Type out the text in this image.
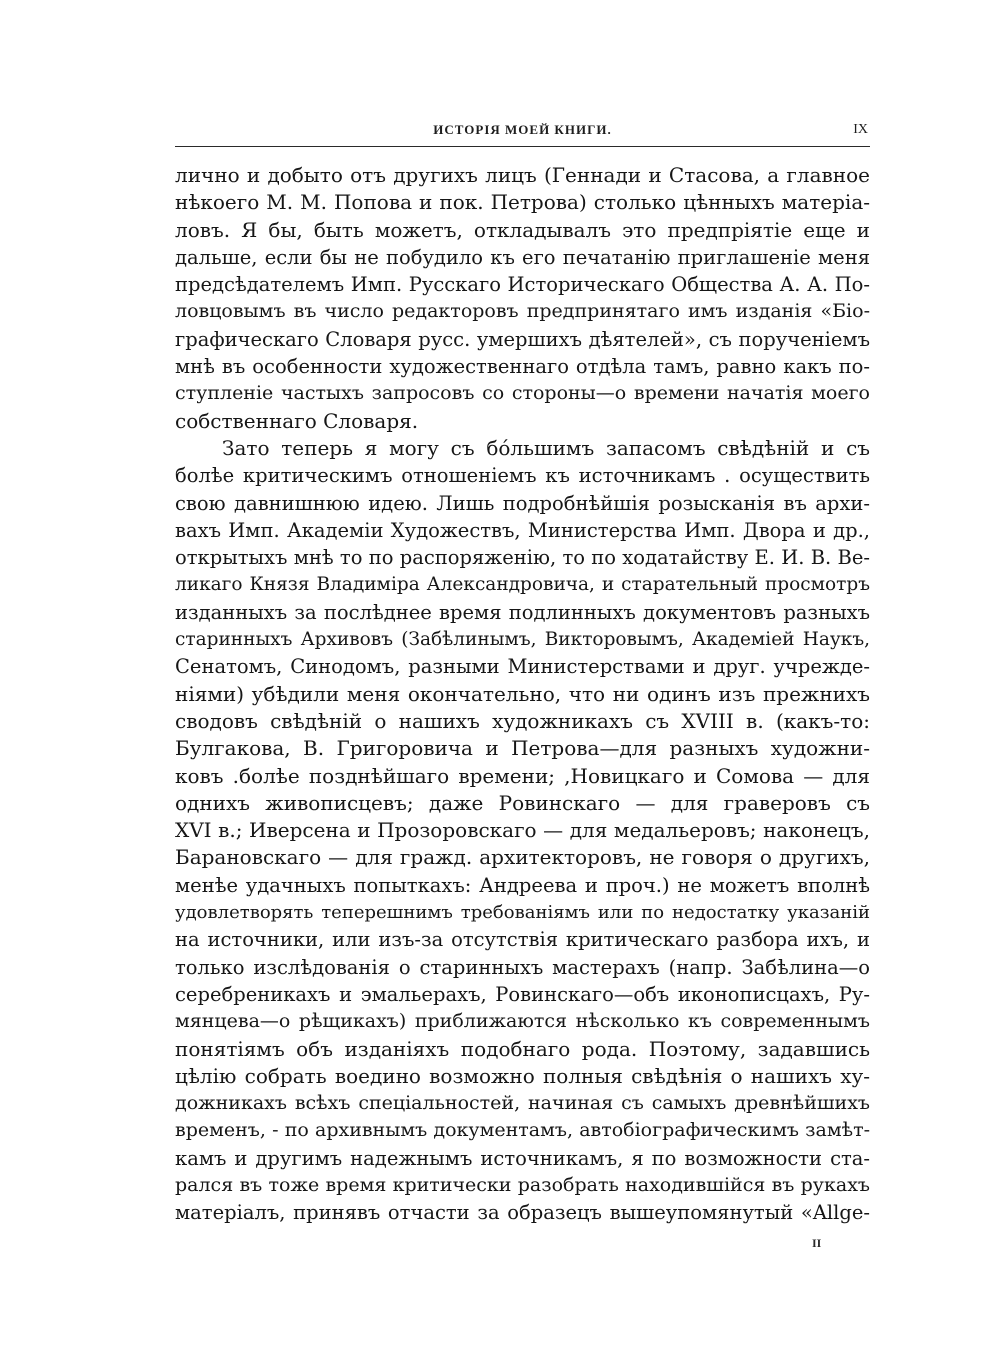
ИСТОРІЯ МОЕЙ КНИГИ.	IX
лично и добыто отъ другихъ лицъ (Геннади и Стасова, а главное
нѣкоего М. М. Попова и пок. Петрова) столько цѣнныхъ матеріа-
ловъ. Я бы, быть можетъ, откладывалъ это предпріятіе еще и
дальше, если бы не побудило къ его печатанію приглашеніе меня
предсѣдателемъ Имп. Русскаго Историческаго Общества А. А. По-
ловцовымъ въ число редакторовъ предпринятаго имъ изданія «Біо-
графическаго Словаря русс. умершихъ дѣятелей», съ порученіемъ
мнѣ въ особенности художественнаго отдѣла тамъ, равно какъ по-
ступленіе частыхъ запросовъ со стороны—о времени начатія моего
собственнаго Словаря.
Зато теперь я могу съ бóльшимъ запасомъ свѣдѣній и съ
болѣе критическимъ отношеніемъ къ источникамъ . осуществить
свою давнишнюю идею. Лишь подробнѣйшія розысканія въ архи-
вахъ Имп. Академіи Художествъ, Министерства Имп. Двора и др.,
открытыхъ мнѣ то по распоряженію, то по ходатайству Е. И. В. Ве-
ликаго Князя Владиміра Александровича, и старательный просмотръ
изданныхъ за послѣднее время подлинныхъ документовъ разныхъ
старинныхъ Архивовъ (Забѣлинымъ, Викторовымъ, Академіей Наукъ,
Сенатомъ, Синодомъ, разными Министерствами и друг. учрежде-
ніями) убѣдили меня окончательно, что ни одинъ изъ прежнихъ
сводовъ свѣдѣній о нашихъ художникахъ съ XVIII в. (какъ-то:
Булгакова, В. Григоровича и Петрова—для разныхъ художни-
ковъ .болѣе позднѣйшаго времени; ,Новицкаго и Сомова — для
однихъ живописцевъ; даже Ровинскаго — для граверовъ съ
XVI в.; Иверсена и Прозоровскаго — для медальеровъ; наконецъ,
Барановскаго — для гражд. архитекторовъ, не говоря о другихъ,
менѣе удачныхъ попыткахъ: Андреева и проч.) не можетъ вполнѣ
удовлетворять теперешнимъ требованіямъ или по недостатку указаній
на источники, или изъ-за отсутствія критическаго разбора ихъ, и
только изслѣдованія о старинныхъ мастерахъ (напр. Забѣлина—о
серебреникахъ и эмальерахъ, Ровинскаго—объ иконописцахъ, Ру-
мянцева—о рѣщикахъ) приближаются нѣсколько къ современнымъ
понятіямъ объ изданіяхъ подобнаго рода. Поэтому, задавшись
цѣлію собрать воедино возможно полныя свѣдѣнія о нашихъ ху-
дожникахъ всѣхъ спеціальностей, начиная съ самыхъ древнѣйшихъ
временъ, - по архивнымъ документамъ, автобіографическимъ замѣт-
камъ и другимъ надежнымъ источникамъ, я по возможности ста-
рался въ тоже время критически разобрать находившійся въ рукахъ
матеріалъ, принявъ отчасти за образецъ вышеупомянутый «Allge-
II
